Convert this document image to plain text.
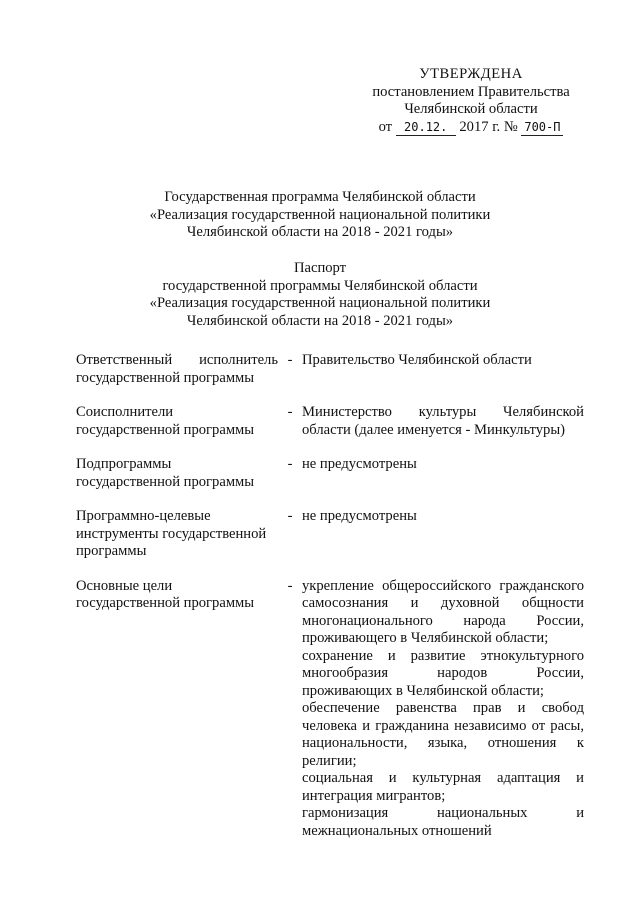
УТВЕРЖДЕНА
постановлением Правительства
Челябинской области
от 20.12. 2017 г. № 700-П
Государственная программа Челябинской области
«Реализация государственной национальной политики
Челябинской области на 2018 - 2021 годы»
Паспорт
государственной программы Челябинской области
«Реализация государственной национальной политики
Челябинской области на 2018 - 2021 годы»
Ответственный исполнитель государственной программы
- Правительство Челябинской области
Соисполнители государственной программы
- Министерство культуры Челябинской области (далее именуется - Минкультуры)
Подпрограммы государственной программы
- не предусмотрены
Программно-целевые инструменты государственной программы
- не предусмотрены
Основные цели государственной программы
- укрепление общероссийского гражданского самосознания и духовной общности многонационального народа России, проживающего в Челябинской области;

сохранение и развитие этнокультурного многообразия народов России, проживающих в Челябинской области;

обеспечение равенства прав и свобод человека и гражданина независимо от расы, национальности, языка, отношения к религии;

социальная и культурная адаптация и интеграция мигрантов;

гармонизация национальных и межнациональных отношений
